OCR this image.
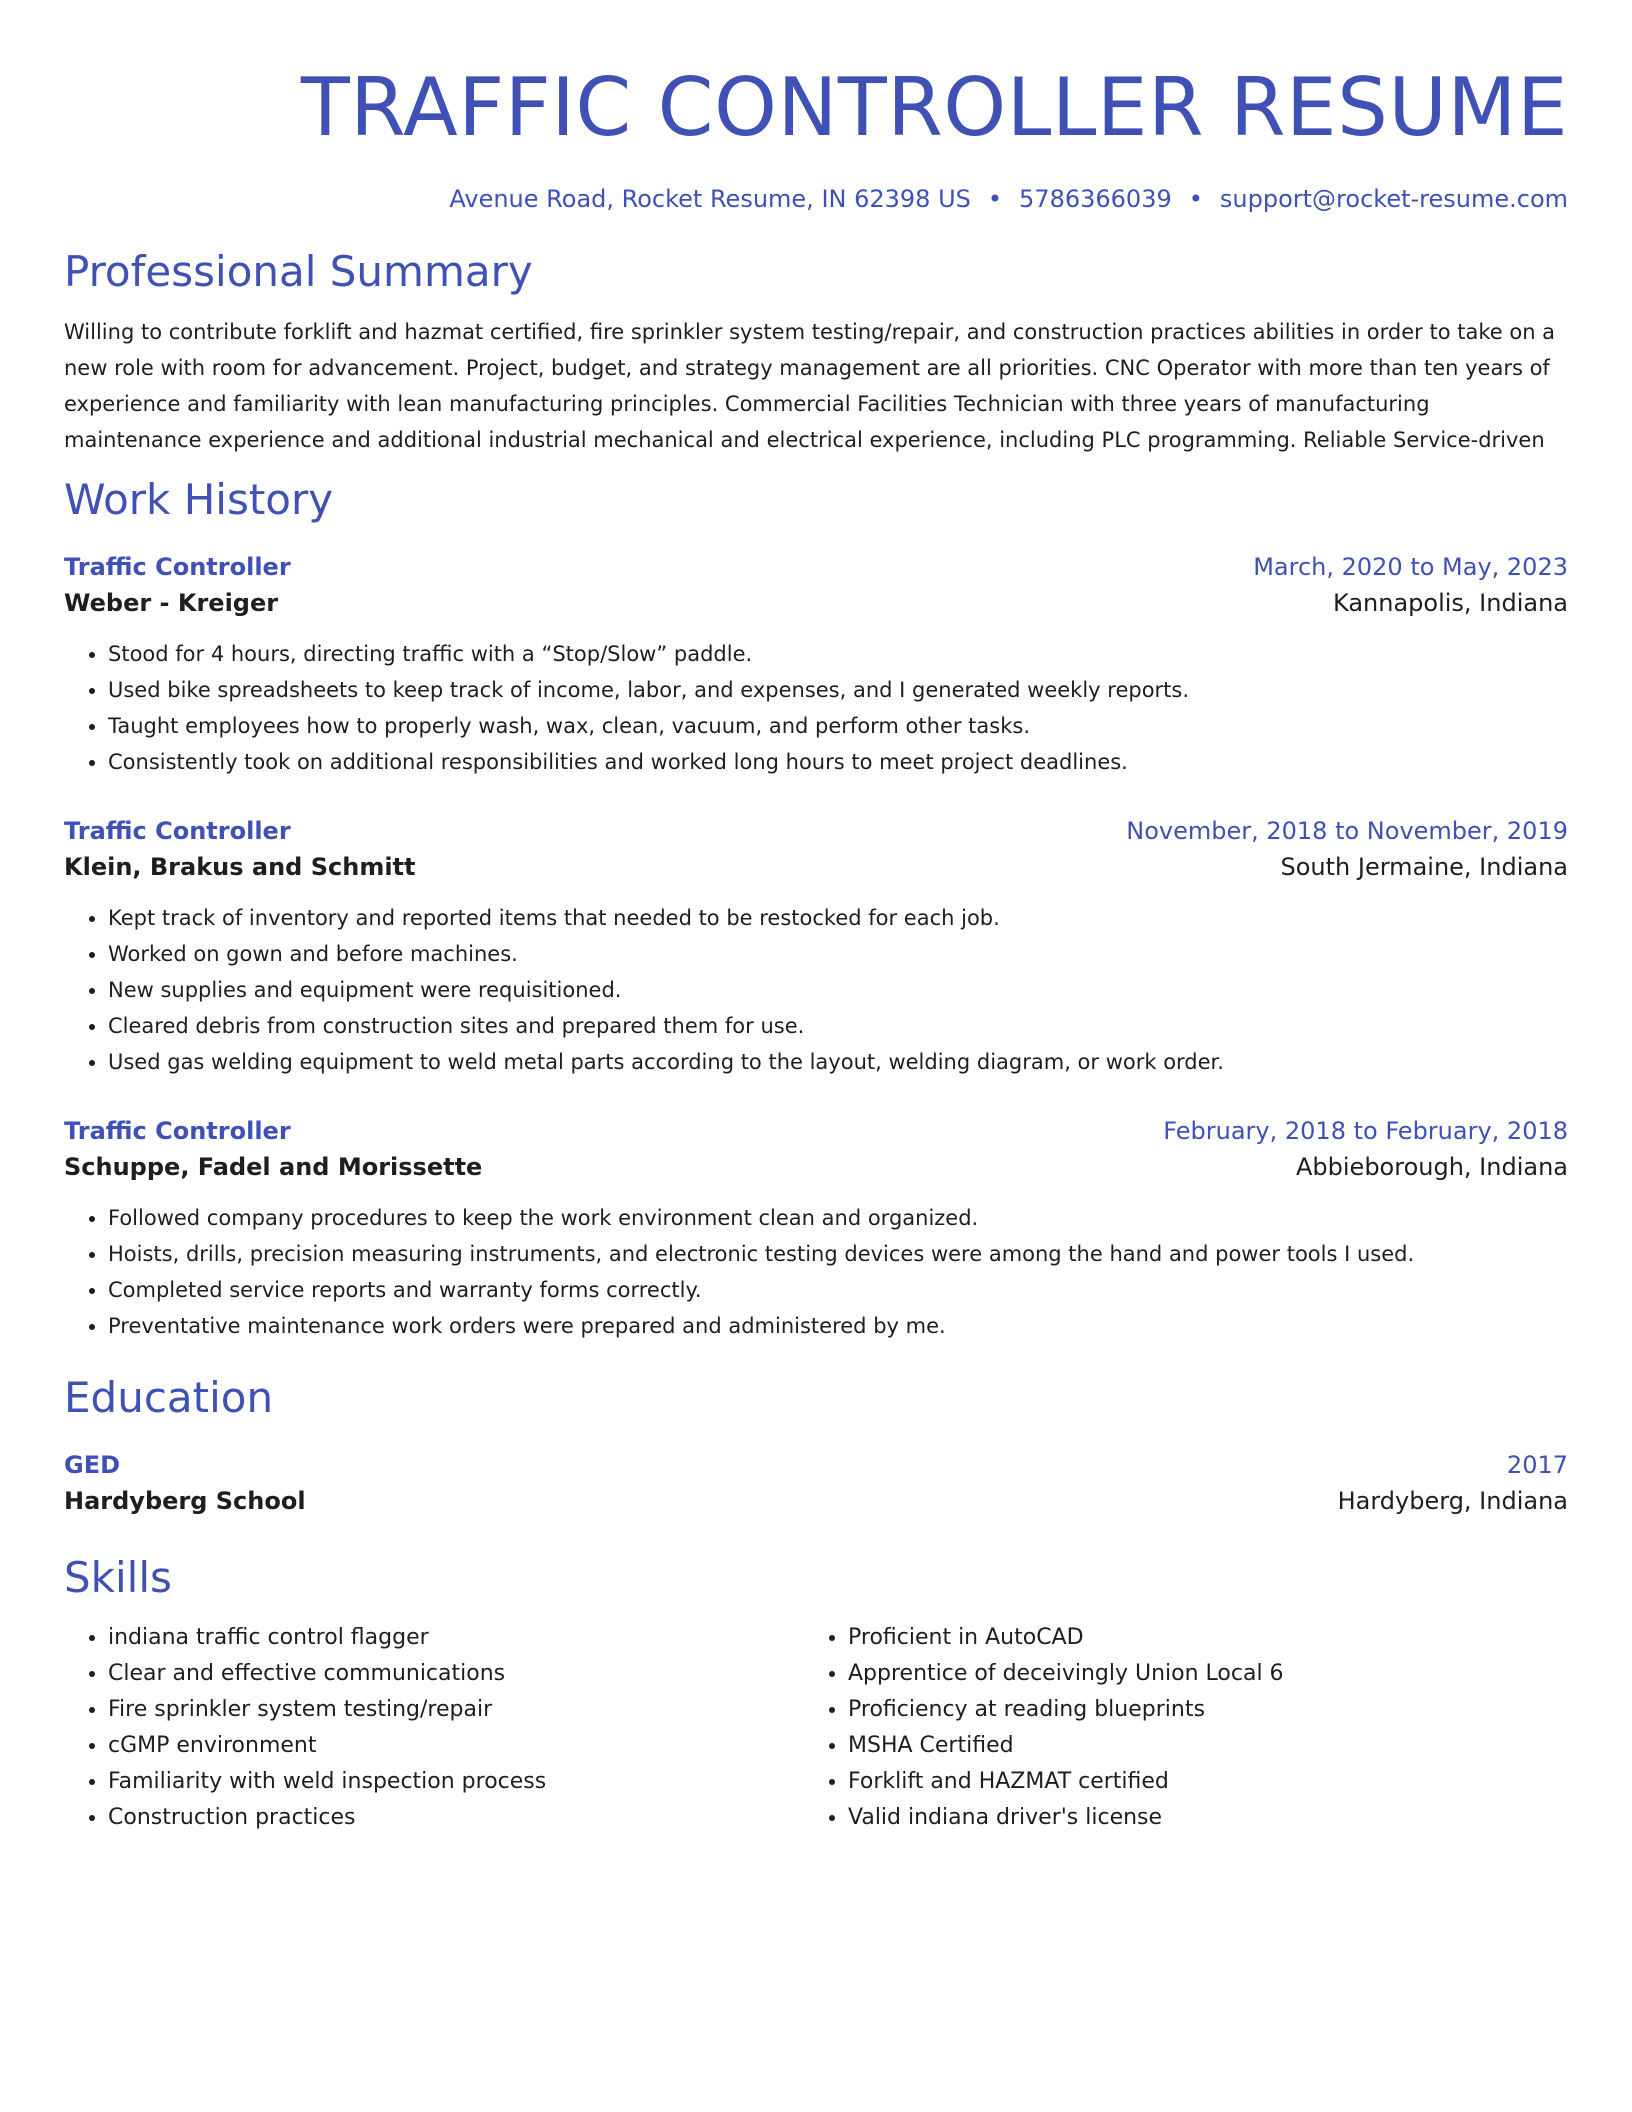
TRAFFIC CONTROLLER RESUME
Avenue Road, Rocket Resume, IN 62398 US • 5786366039 • support@rocket-resume.com
Professional Summary
Willing to contribute forklift and hazmat certified, fire sprinkler system testing/repair, and construction practices abilities in order to take on a new role with room for advancement. Project, budget, and strategy management are all priorities. CNC Operator with more than ten years of experience and familiarity with lean manufacturing principles. Commercial Facilities Technician with three years of manufacturing maintenance experience and additional industrial mechanical and electrical experience, including PLC programming. Reliable Service-driven
Work History
Traffic Controller	March, 2020 to May, 2023
Weber - Kreiger	Kannapolis, Indiana
• Stood for 4 hours, directing traffic with a “Stop/Slow” paddle.
• Used bike spreadsheets to keep track of income, labor, and expenses, and I generated weekly reports.
• Taught employees how to properly wash, wax, clean, vacuum, and perform other tasks.
• Consistently took on additional responsibilities and worked long hours to meet project deadlines.
Traffic Controller	November, 2018 to November, 2019
Klein, Brakus and Schmitt	South Jermaine, Indiana
• Kept track of inventory and reported items that needed to be restocked for each job.
• Worked on gown and before machines.
• New supplies and equipment were requisitioned.
• Cleared debris from construction sites and prepared them for use.
• Used gas welding equipment to weld metal parts according to the layout, welding diagram, or work order.
Traffic Controller	February, 2018 to February, 2018
Schuppe, Fadel and Morissette	Abbieborough, Indiana
• Followed company procedures to keep the work environment clean and organized.
• Hoists, drills, precision measuring instruments, and electronic testing devices were among the hand and power tools I used.
• Completed service reports and warranty forms correctly.
• Preventative maintenance work orders were prepared and administered by me.
Education
GED	2017
Hardyberg School	Hardyberg, Indiana
Skills
• indiana traffic control flagger
• Clear and effective communications
• Fire sprinkler system testing/repair
• cGMP environment
• Familiarity with weld inspection process
• Construction practices
• Proficient in AutoCAD
• Apprentice of deceivingly Union Local 6
• Proficiency at reading blueprints
• MSHA Certified
• Forklift and HAZMAT certified
• Valid indiana driver's license
